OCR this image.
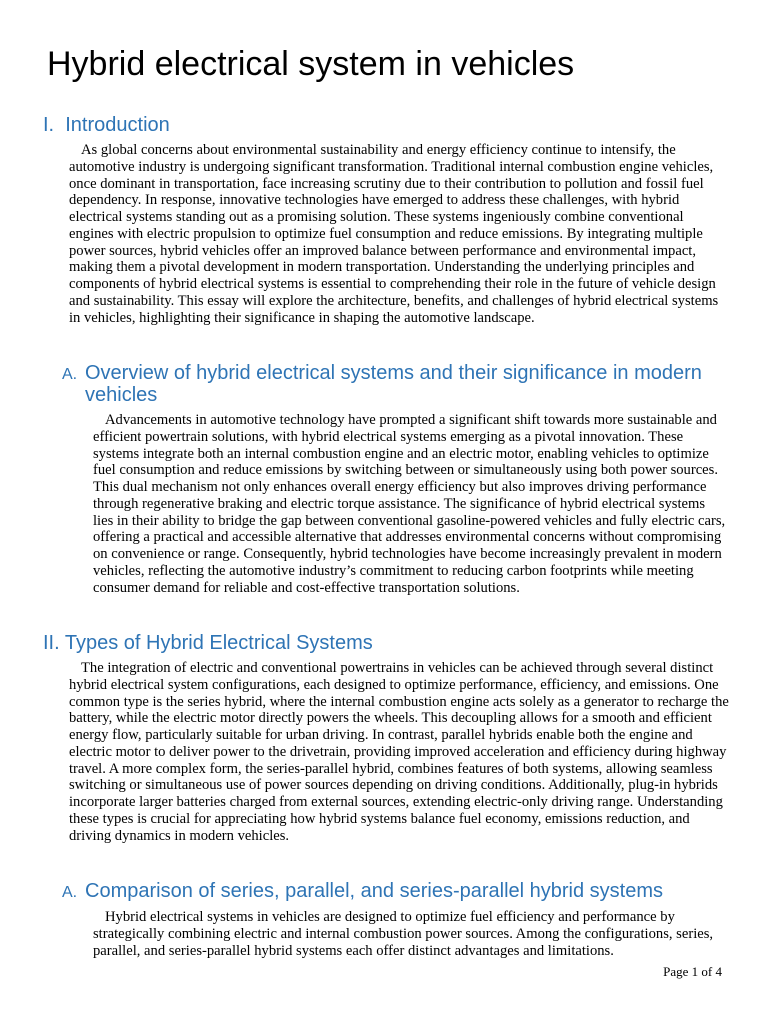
Hybrid electrical system in vehicles
I. Introduction

As global concerns about environmental sustainability and energy efficiency continue to intensify, the automotive industry is undergoing significant transformation. Traditional internal combustion engine vehicles, once dominant in transportation, face increasing scrutiny due to their contribution to pollution and fossil fuel dependency. In response, innovative technologies have emerged to address these challenges, with hybrid electrical systems standing out as a promising solution. These systems ingeniously combine conventional engines with electric propulsion to optimize fuel consumption and reduce emissions. By integrating multiple power sources, hybrid vehicles offer an improved balance between performance and environmental impact, making them a pivotal development in modern transportation. Understanding the underlying principles and components of hybrid electrical systems is essential to comprehending their role in the future of vehicle design and sustainability. This essay will explore the architecture, benefits, and challenges of hybrid electrical systems in vehicles, highlighting their significance in shaping the automotive landscape.

A. Overview of hybrid electrical systems and their significance in modern vehicles

Advancements in automotive technology have prompted a significant shift towards more sustainable and efficient powertrain solutions, with hybrid electrical systems emerging as a pivotal innovation. These systems integrate both an internal combustion engine and an electric motor, enabling vehicles to optimize fuel consumption and reduce emissions by switching between or simultaneously using both power sources. This dual mechanism not only enhances overall energy efficiency but also improves driving performance through regenerative braking and electric torque assistance. The significance of hybrid electrical systems lies in their ability to bridge the gap between conventional gasoline-powered vehicles and fully electric cars, offering a practical and accessible alternative that addresses environmental concerns without compromising on convenience or range. Consequently, hybrid technologies have become increasingly prevalent in modern vehicles, reflecting the automotive industry’s commitment to reducing carbon footprints while meeting consumer demand for reliable and cost-effective transportation solutions.

II. Types of Hybrid Electrical Systems

The integration of electric and conventional powertrains in vehicles can be achieved through several distinct hybrid electrical system configurations, each designed to optimize performance, efficiency, and emissions. One common type is the series hybrid, where the internal combustion engine acts solely as a generator to recharge the battery, while the electric motor directly powers the wheels. This decoupling allows for a smooth and efficient energy flow, particularly suitable for urban driving. In contrast, parallel hybrids enable both the engine and electric motor to deliver power to the drivetrain, providing improved acceleration and efficiency during highway travel. A more complex form, the series-parallel hybrid, combines features of both systems, allowing seamless switching or simultaneous use of power sources depending on driving conditions. Additionally, plug-in hybrids incorporate larger batteries charged from external sources, extending electric-only driving range. Understanding these types is crucial for appreciating how hybrid systems balance fuel economy, emissions reduction, and driving dynamics in modern vehicles.

A. Comparison of series, parallel, and series-parallel hybrid systems

Hybrid electrical systems in vehicles are designed to optimize fuel efficiency and performance by strategically combining electric and internal combustion power sources. Among the configurations, series, parallel, and series-parallel hybrid systems each offer distinct advantages and limitations.

Page 1 of 4
